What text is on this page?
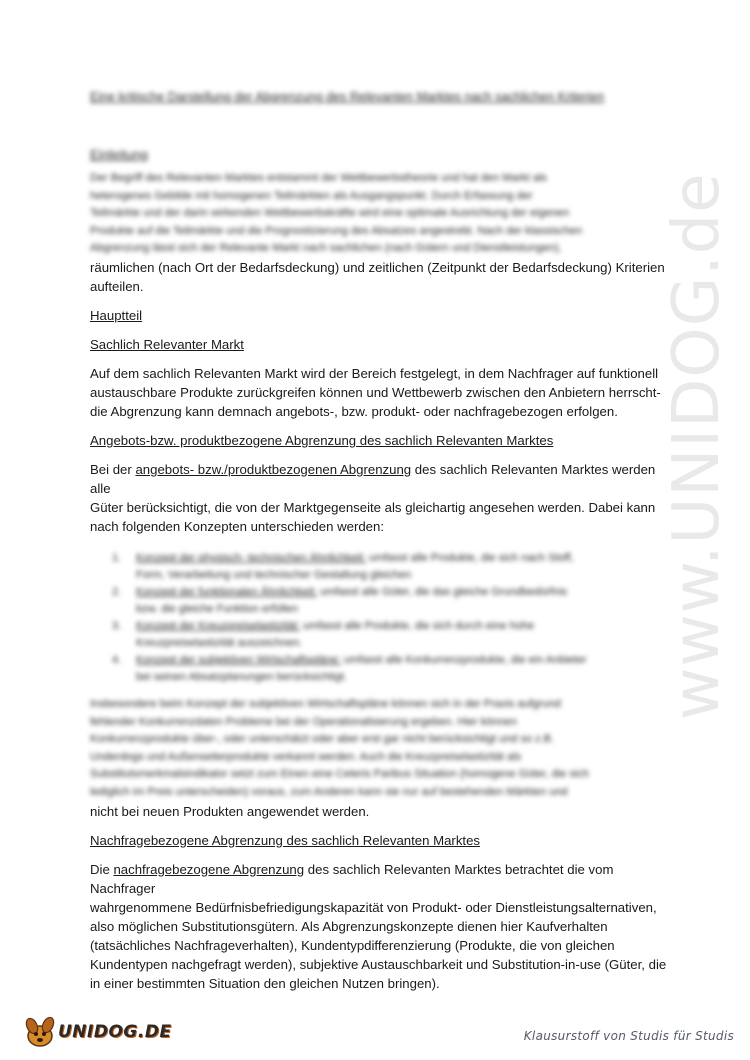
www.UNIDOG.de
Eine kritische Darstellung der Abgrenzung des Relevanten Marktes nach sachlichen Kriterien
Einleitung
Der Begriff des Relevanten Marktes entstammt der Wettbewerbstheorie und hat den Markt als
heterogenes Gebilde mit homogenen Teilmärkten als Ausgangspunkt. Durch Erfassung der
Teilmärkte und der darin wirkenden Wettbewerbskräfte wird eine optimale Ausrichtung der eigenen
Produkte auf die Teilmärkte und die Prognostizierung des Absatzes angestrebt. Nach der klassischen
Abgrenzung lässt sich der Relevante Markt nach sachlichen (nach Gütern und Dienstleistungen),
räumlichen (nach Ort der Bedarfsdeckung) und zeitlichen (Zeitpunkt der Bedarfsdeckung) Kriterien
aufteilen.
Hauptteil
Sachlich Relevanter Markt
Auf dem sachlich Relevanten Markt wird der Bereich festgelegt, in dem Nachfrager auf funktionell
austauschbare Produkte zurückgreifen können und Wettbewerb zwischen den Anbietern herrscht-
die Abgrenzung kann demnach angebots-, bzw. produkt- oder nachfragebezogen erfolgen.
Angebots-bzw. produktbezogene Abgrenzung des sachlich Relevanten Marktes
Bei der angebots- bzw./produktbezogenen Abgrenzung des sachlich Relevanten Marktes werden alle
Güter berücksichtigt, die von der Marktgegenseite als gleichartig angesehen werden. Dabei kann
nach folgenden Konzepten unterschieden werden:
1. Konzept der physisch- technischen Ähnlichkeit: umfasst alle Produkte, die sich nach Stoff,
Form, Verarbeitung und technischer Gestaltung gleichen
2. Konzept der funktionalen Ähnlichkeit: umfasst alle Güter, die das gleiche Grundbedürfnis
bzw. die gleiche Funktion erfüllen
3. Konzept der Kreuzpreiselastizität: umfasst alle Produkte, die sich durch eine hohe
Kreuzpreiselastizität auszeichnen.
4. Konzept der subjektiven Wirtschaftspläne: umfasst alle Konkurrenzprodukte, die ein Anbieter
bei seinen Absatzplanungen berücksichtigt.
Insbesondere beim Konzept der subjektiven Wirtschaftspläne können sich in der Praxis aufgrund
fehlender Konkurrenzdaten Probleme bei der Operationalisierung ergeben. Hier können
Konkurrenzprodukte über-, oder unterschätzt oder aber erst gar nicht berücksichtigt und so z.B.
Underdogs und Außenseiterprodukte verkannt werden. Auch die Kreuzpreiselastizität als
Substitutsmerkmalsindikator setzt zum Einen eine Ceteris Paribus Situation (homogene Güter, die sich
lediglich im Preis unterscheiden) voraus, zum Anderen kann sie nur auf bestehenden Märkten und
nicht bei neuen Produkten angewendet werden.
Nachfragebezogene Abgrenzung des sachlich Relevanten Marktes
Die nachfragebezogene Abgrenzung des sachlich Relevanten Marktes betrachtet die vom Nachfrager
wahrgenommene Bedürfnisbefriedigungskapazität von Produkt- oder Dienstleistungsalternativen,
also möglichen Substitutionsgütern. Als Abgrenzungskonzepte dienen hier Kaufverhalten
(tatsächliches Nachfrageverhalten), Kundentypdifferenzierung (Produkte, die von gleichen
Kundentypen nachgefragt werden), subjektive Austauschbarkeit und Substitution-in-use (Güter, die
in einer bestimmten Situation den gleichen Nutzen bringen).
UNIDOG.DE	Klausurstoff von Studis für Studis
